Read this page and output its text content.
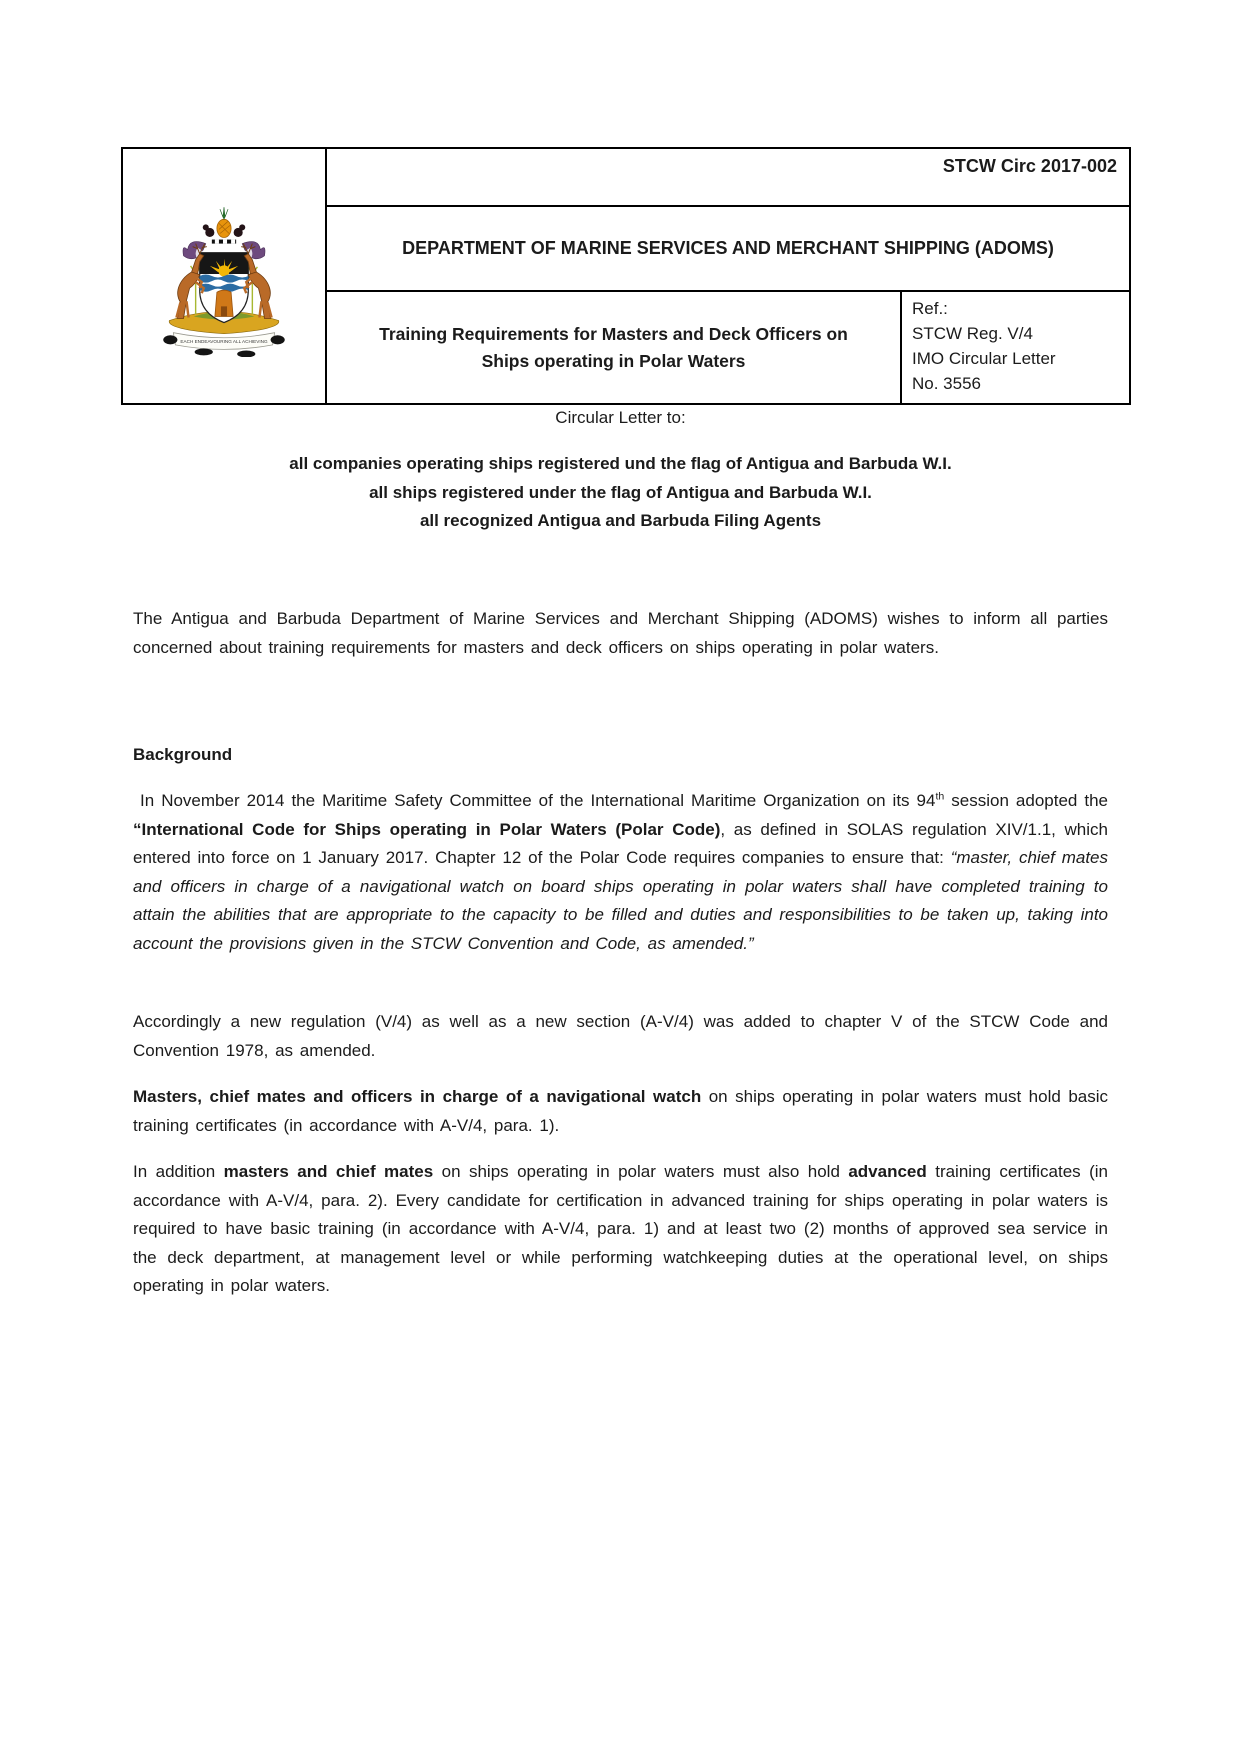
EACH ENDEAVOURING ALL ACHIEVING
STCW Circ 2017-002
DEPARTMENT OF MARINE SERVICES AND MERCHANT SHIPPING (ADOMS)
Training Requirements for Masters and Deck Officers on
Ships operating in Polar Waters
Ref.:
STCW Reg. V/4
IMO Circular Letter
No. 3556
Circular Letter to:
all companies operating ships registered und the flag of Antigua and Barbuda W.I.
all ships registered under the flag of Antigua and Barbuda W.I.
all recognized Antigua and Barbuda Filing Agents
The Antigua and Barbuda Department of Marine Services and Merchant Shipping (ADOMS) wishes to inform all parties concerned about training requirements for masters and deck officers on ships operating in polar waters.
Background
In November 2014 the Maritime Safety Committee of the International Maritime Organization on its 94th session adopted the “International Code for Ships operating in Polar Waters (Polar Code), as defined in SOLAS regulation XIV/1.1, which entered into force on 1 January 2017. Chapter 12 of the Polar Code requires companies to ensure that: “master, chief mates and officers in charge of a navigational watch on board ships operating in polar waters shall have completed training to attain the abilities that are appropriate to the capacity to be filled and duties and responsibilities to be taken up, taking into account the provisions given in the STCW Convention and Code, as amended.”
Accordingly a new regulation (V/4) as well as a new section (A-V/4) was added to chapter V of the STCW Code and Convention 1978, as amended.
Masters, chief mates and officers in charge of a navigational watch on ships operating in polar waters must hold basic training certificates (in accordance with A-V/4, para. 1).
In addition masters and chief mates on ships operating in polar waters must also hold advanced training certificates (in accordance with A-V/4, para. 2). Every candidate for certification in advanced training for ships operating in polar waters is required to have basic training (in accordance with A-V/4, para. 1) and at least two (2) months of approved sea service in the deck department, at management level or while performing watchkeeping duties at the operational level, on ships operating in polar waters.
